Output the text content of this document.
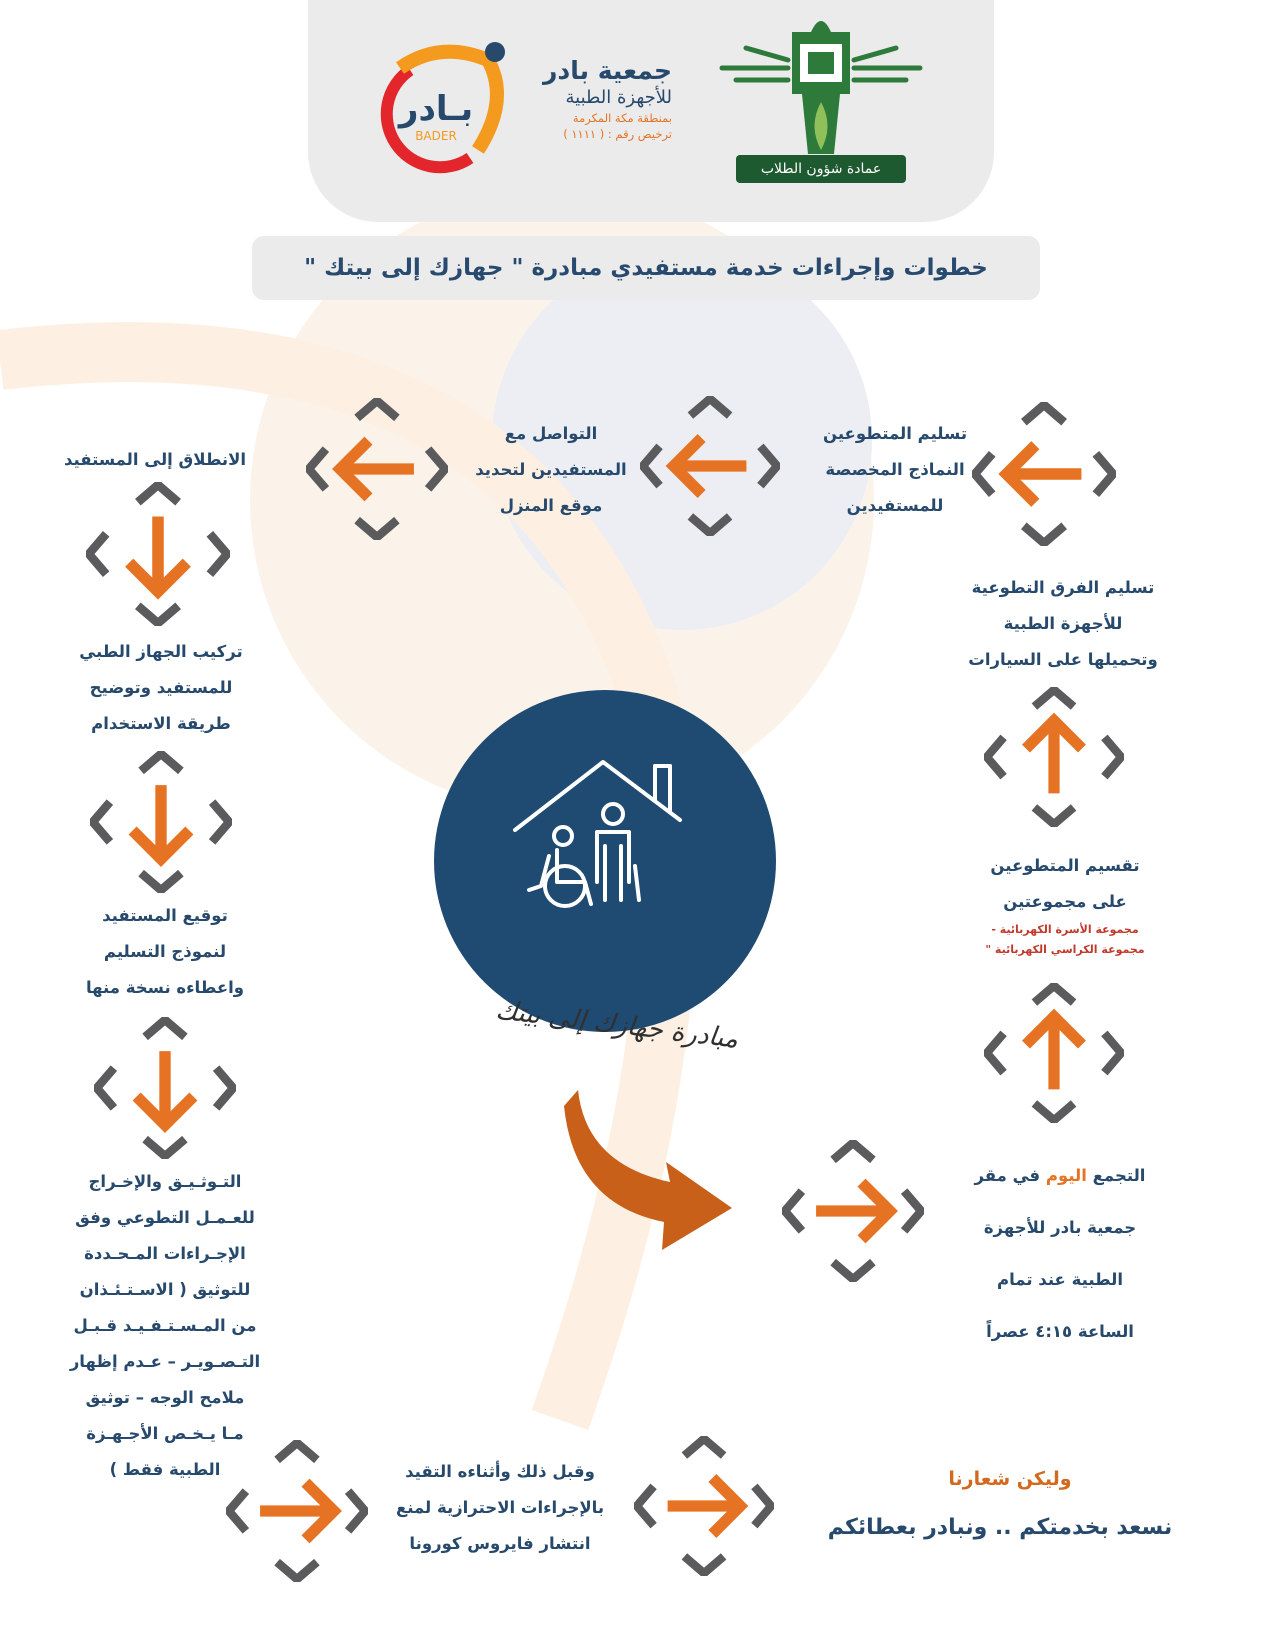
بـادر
BADER
جمعية بادر
للأجهزة الطبية
بمنطقة مكة المكرمة
ترخيص رقم : ( ١١١١ )
عمادة شؤون الطلاب
خطوات وإجراءات خدمة مستفيدي مبادرة " جهازك إلى بيتك "
مبادرة جهازك إلى بيتك
تسليم المتطوعين
النماذج المخصصة
للمستفيدين
التواصل مع
المستفيدين لتحديد
موقع المنزل
الانطلاق إلى المستفيد
تركيب الجهاز الطبي
للمستفيد وتوضيح
طريقة الاستخدام
توقيع المستفيد
لنموذج التسليم
واعطاءه نسخة منها
التـوثـيـق والإخـراج
للعـمـل التطوعي وفق
الإجـراءات المـحـددة
للتوثيق ( الاسـتـئـذان
من المـسـتـفـيـد قـبـل
التـصـويـر – عـدم إظهار
ملامح الوجه – توثيق
مـا يـخـص الأجـهـزة
الطبية فقط )
تسليم الفرق التطوعية
للأجهزة الطبية
وتحميلها على السيارات
تقسيم المتطوعين
على مجموعتين
مجموعة الأسرة الكهربائية -
مجموعة الكراسي الكهربائية "
التجمع اليوم في مقر
جمعية بادر للأجهزة
الطبية عند تمام
الساعة ٤:١٥ عصراً
وقبل ذلك وأثناءه التقيد
بالإجراءات الاحترازية لمنع
انتشار فايروس كورونا
وليكن شعارنا
نسعد بخدمتكم .. ونبادر بعطائكم
